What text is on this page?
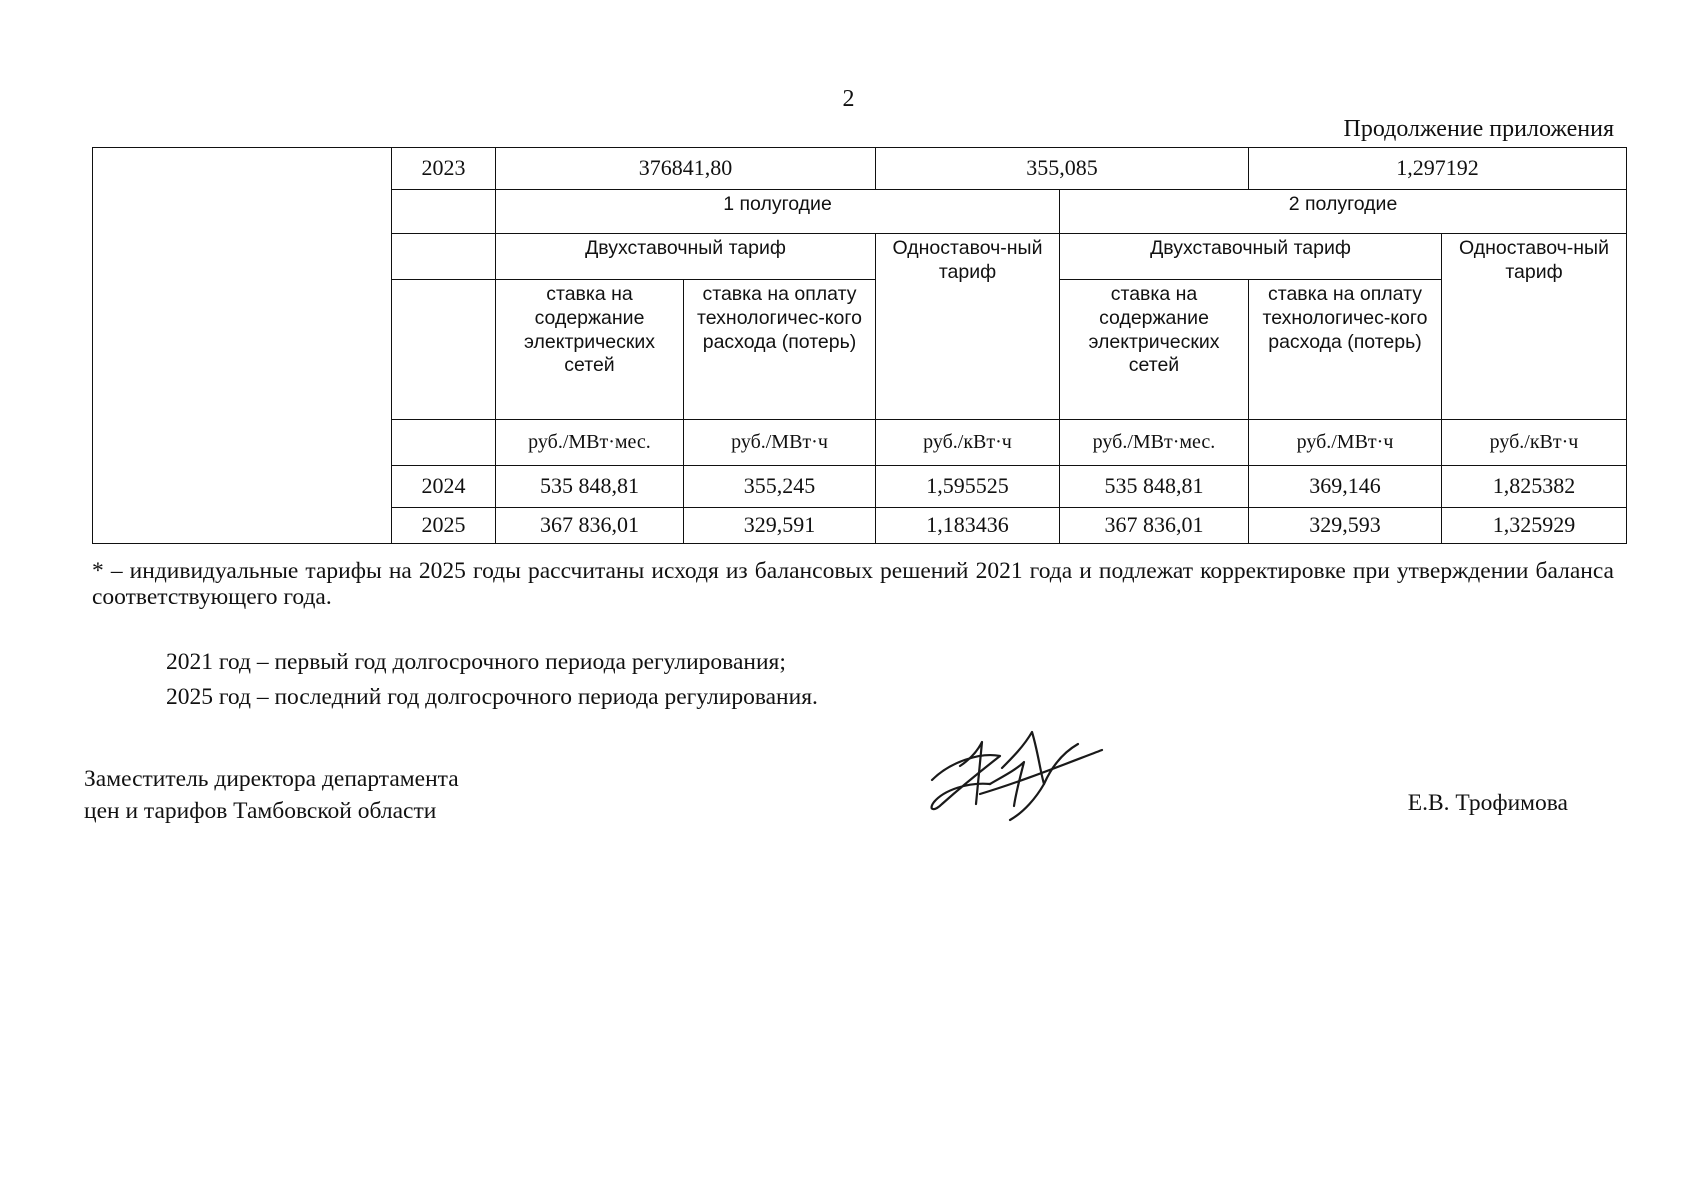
2
Продолжение приложения
	2023	376841,80		355,085		1,297192	
		1 полугодие			2 полугодие		
		Двухставочный тариф		Одноставоч-ный тариф	Двухставочный тариф		Одноставоч-ный тариф
		ставка на содержание электрических сетей	ставка на оплату технологичес-кого расхода (потерь)		ставка на содержание электрических сетей	ставка на оплату технологичес-кого расхода (потерь)	
		руб./МВт·мес.	руб./МВт·ч	руб./кВт·ч	руб./МВт·мес.	руб./МВт·ч	руб./кВт·ч
	2024	535 848,81	355,245	1,595525	535 848,81	369,146	1,825382
	2025	367 836,01	329,591	1,183436	367 836,01	329,593	1,325929
* – индивидуальные тарифы на 2025 годы рассчитаны исходя из балансовых решений 2021 года и подлежат корректировке при утверждении баланса соответствующего года.
2021 год – первый год долгосрочного периода регулирования;
2025 год – последний год долгосрочного периода регулирования.
Заместитель директора департамента
цен и тарифов Тамбовской области	Е.В. Трофимова
